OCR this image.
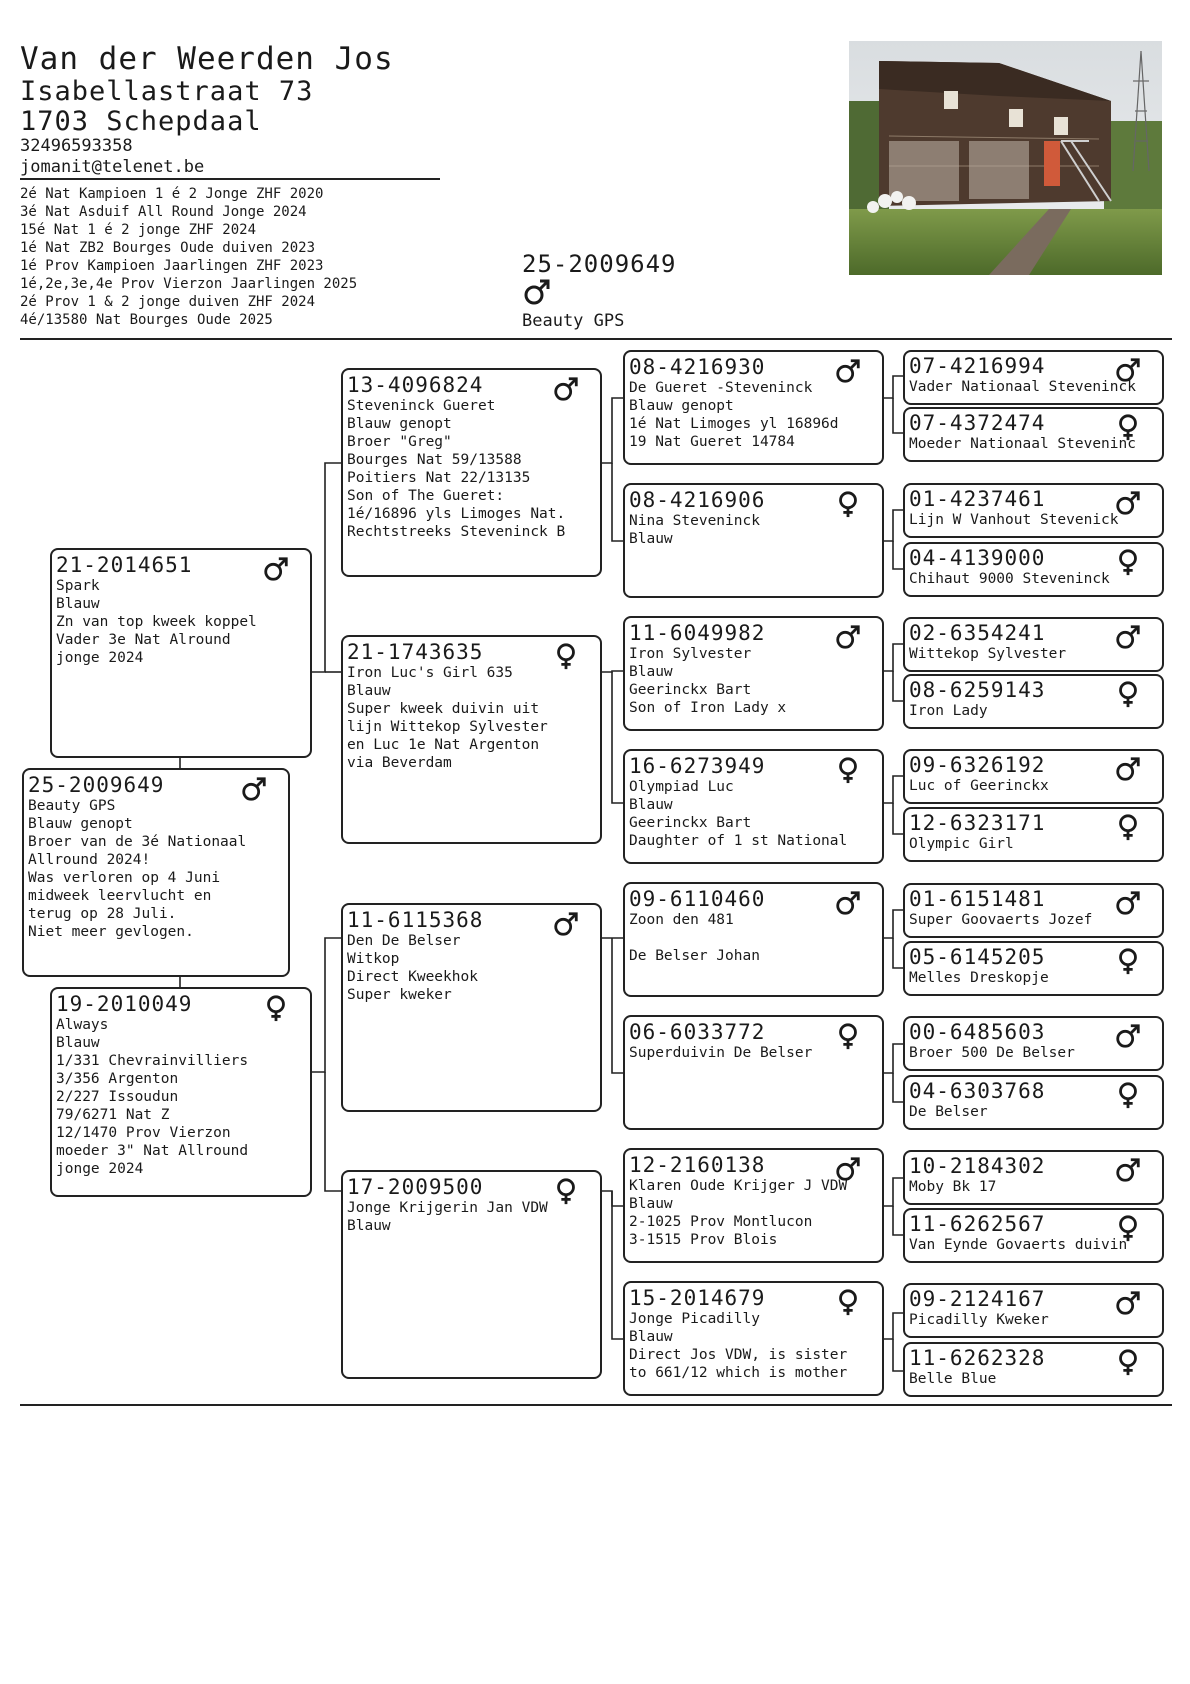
Van der Weerden Jos
Isabellastraat 73
1703 Schepdaal
32496593358
jomanit@telenet.be
2é Nat Kampioen 1 é 2 Jonge ZHF 2020
3é Nat Asduif All Round Jonge 2024
15é Nat 1 é 2 jonge ZHF 2024
1é Nat ZB2 Bourges Oude duiven 2023
1é Prov Kampioen Jaarlingen ZHF 2023
1é,2e,3e,4e Prov Vierzon Jaarlingen 2025
2é Prov 1 & 2 jonge duiven ZHF 2024
4é/13580 Nat Bourges Oude 2025
25-2009649
Beauty GPS
25-2009649
Beauty GPS
Blauw genopt
Broer van de 3é Nationaal
Allround 2024!
Was verloren op 4 Juni
midweek leervlucht en
terug op 28 Juli.
Niet meer gevlogen.
21-2014651
Spark
Blauw
Zn van top kweek koppel
Vader 3e Nat Alround
jonge 2024
19-2010049
Always
Blauw
1/331 Chevrainvilliers
3/356 Argenton
2/227 Issoudun
79/6271 Nat Z
12/1470 Prov Vierzon
moeder 3" Nat Allround
jonge 2024
13-4096824
Steveninck Gueret
Blauw genopt
Broer "Greg"
Bourges Nat 59/13588
Poitiers Nat 22/13135
Son of The Gueret:
1é/16896 yls Limoges Nat.
Rechtstreeks Steveninck B
21-1743635
Iron Luc's Girl 635
Blauw
Super kweek duivin uit
lijn Wittekop Sylvester
en Luc 1e Nat Argenton
via Beverdam
11-6115368
Den De Belser
Witkop
Direct Kweekhok
Super kweker
17-2009500
Jonge Krijgerin Jan VDW
Blauw
08-4216930
De Gueret -Steveninck
Blauw genopt
1é Nat Limoges yl 16896d
19 Nat Gueret 14784
08-4216906
Nina Steveninck
Blauw
11-6049982
Iron Sylvester
Blauw
Geerinckx Bart
Son of Iron Lady x
16-6273949
Olympiad Luc
Blauw
Geerinckx Bart
Daughter of 1 st National
09-6110460
Zoon den 481
De Belser Johan
06-6033772
Superduivin De Belser
12-2160138
Klaren Oude Krijger J VDW
Blauw
2-1025 Prov Montlucon
3-1515 Prov Blois
15-2014679
Jonge Picadilly
Blauw
Direct Jos VDW, is sister
to 661/12 which is mother
07-4216994
Vader Nationaal Steveninck
07-4372474
Moeder Nationaal Steveninc
01-4237461
Lijn W Vanhout Stevenick
04-4139000
Chihaut 9000 Steveninck
02-6354241
Wittekop Sylvester
08-6259143
Iron Lady
09-6326192
Luc of Geerinckx
12-6323171
Olympic Girl
01-6151481
Super Goovaerts Jozef
05-6145205
Melles Dreskopje
00-6485603
Broer 500 De Belser
04-6303768
De Belser
10-2184302
Moby Bk 17
11-6262567
Van Eynde Govaerts duivin
09-2124167
Picadilly Kweker
11-6262328
Belle Blue
